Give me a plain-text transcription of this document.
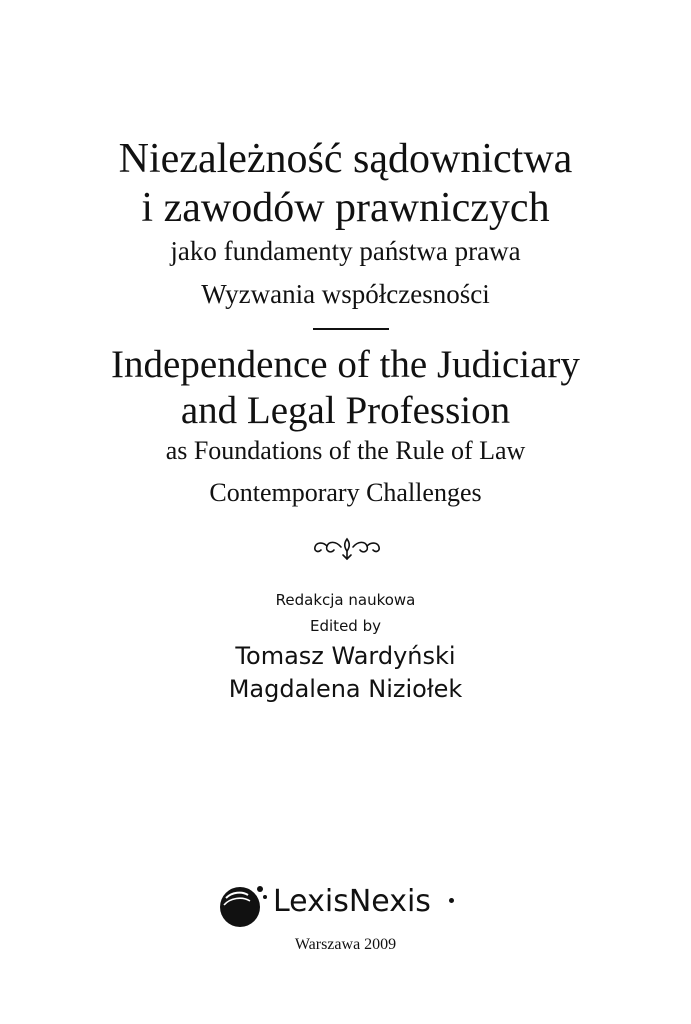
Niezależność sądownictwa
i zawodów prawniczych
jako fundamenty państwa prawa
Wyzwania współczesności
Independence of the Judiciary
and Legal Profession
as Foundations of the Rule of Law
Contemporary Challenges
Redakcja naukowa
Edited by
Tomasz Wardyński
Magdalena Niziołek
LexisNexis
Warszawa 2009
